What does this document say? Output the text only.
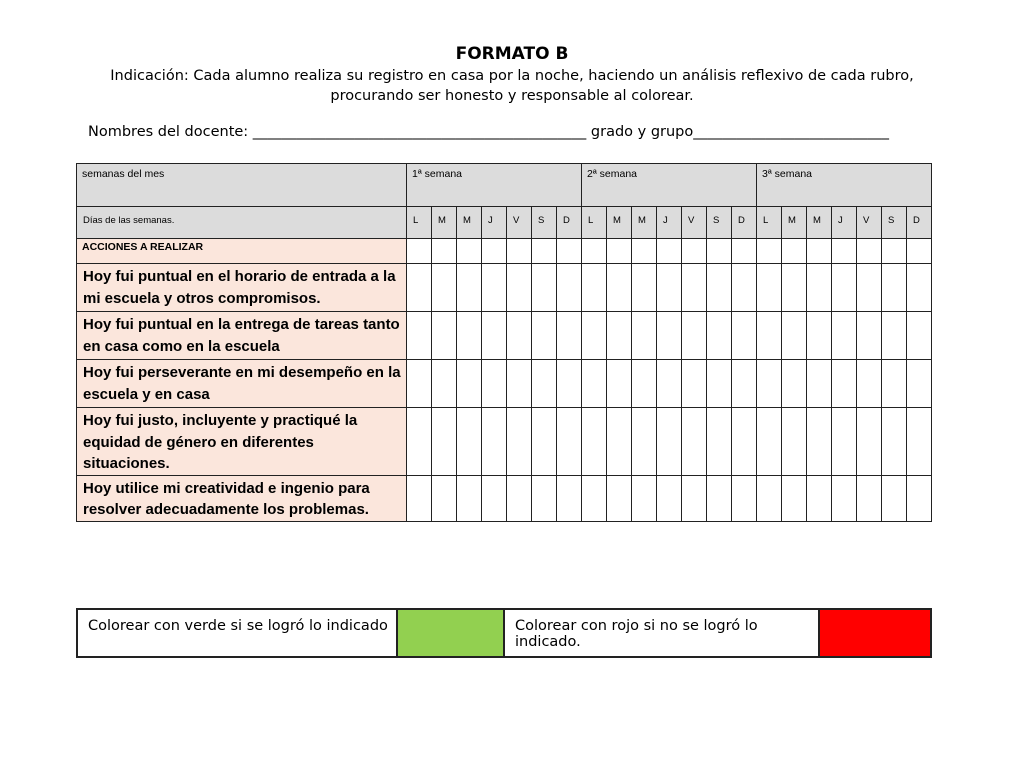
FORMATO B
Indicación: Cada alumno realiza su registro en casa por la noche, haciendo un análisis reflexivo de cada rubro, procurando ser honesto y responsable al colorear.
Nombres del docente: ______________________________________________ grado y grupo___________________________
semanas del mes	1ª semana							2ª semana							3ª semana						
Días de las semanas.	L	M	M	J	V	S	D	L	M	M	J	V	S	D	L	M	M	J	V	S	D
ACCIONES A REALIZAR																					
Hoy fui puntual en el horario de entrada a la mi escuela y otros compromisos.																					
Hoy fui puntual en la entrega de tareas tanto en casa como en la escuela																					
Hoy fui perseverante en mi desempeño en la escuela y en casa																					
Hoy fui justo, incluyente y practiqué la equidad de género en diferentes situaciones.																					
Hoy utilice mi creatividad e ingenio para resolver adecuadamente los problemas.																					
Colorear con verde si se logró lo indicado		Colorear con rojo si no se logró lo indicado.	
